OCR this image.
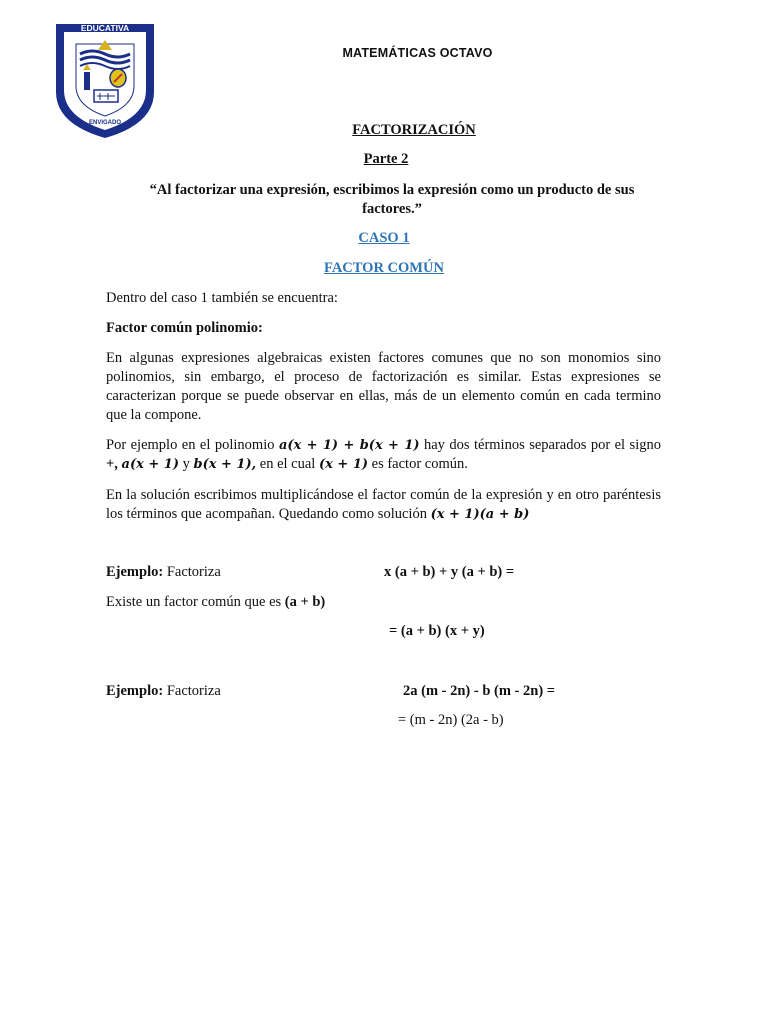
EDUCATIVA
INSTITUCION
LA PAZ
ENVIGADO
MATEMÁTICAS OCTAVO
FACTORIZACIÓN
Parte 2
“Al factorizar una expresión, escribimos la expresión como un producto de sus factores.”
CASO 1
FACTOR COMÚN
Dentro del caso 1 también se encuentra:
Factor común polinomio:
En algunas expresiones algebraicas existen factores comunes que no son monomios sino polinomios, sin embargo, el proceso de factorización es similar. Estas expresiones se caracterizan porque se puede observar en ellas, más de un elemento común en cada termino que la compone.
Por ejemplo en el polinomio a(x + 1) + b(x + 1) hay dos términos separados por el signo +, a(x + 1) y b(x + 1), en el cual (x + 1) es factor común.
En la solución escribimos multiplicándose el factor común de la expresión y en otro paréntesis los términos que acompañan. Quedando como solución (x + 1)(a + b)
Ejemplo: Factoriza	x (a + b) + y (a + b) =
Existe un factor común que es (a + b)
= (a + b) (x + y)
Ejemplo: Factoriza	2a (m - 2n) - b (m - 2n) =
= (m - 2n) (2a - b)
